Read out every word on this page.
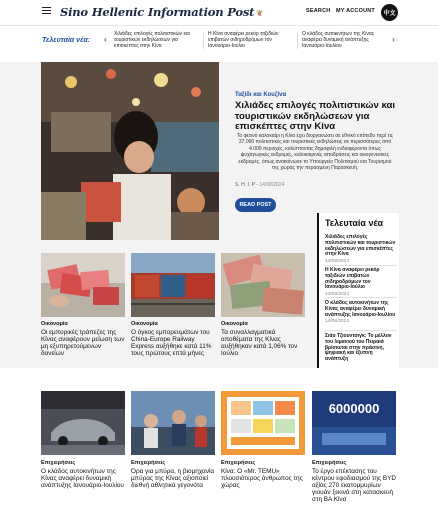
Sino Hellenic Information Post ❦	SEARCH MY ACCOUNT	中文
Τελευταία νέα: ‹
Χιλιάδες επιλογές πολιτιστικών και τουριστικών εκδηλώσεων για επισκέπτες στην Κίνα
Η Κίνα αναφέρει ρεκόρ ταξιδιών επιβατών σιδηροδρόμων τον Ιανουάριο-Ιούλιο
Ο κλάδος αυτοκινήτων της Κίνας αναφέρει δυναμική ανάπτυξης Ιανουάριο-Ιουλίου
›
Ταξίδι και Κουζίνα
Χιλιάδες επιλογές πολιτιστικών και τουριστικών εκδηλώσεων για επισκέπτες στην Κίνα
Το φετινό καλοκαίρι η Κίνα έχει διοργανώσει σε εθνικό επίπεδο περί τις 37.000 πολιτιστικές και τουριστικές εκδηλώσεις σε περισσότερες από 4.000 περιοχές, καλύπτοντας δημοφιλή ενδιαφέροντα όπως ψυχαγωγικές εκδρομές, καλοκαιρινές αποδράσεις και οικογενειακές εκδρομές, όπως ανακοίνωσε το Υπουργείο Πολιτισμού και Τουρισμού της χώρας την περασμένη Παρασκευή.
S. H. I. P - 14/08/2024
READ POST
Τελευταία νέα
Χιλιάδες επιλογές πολιτιστικών και τουριστικών εκδηλώσεων για επισκέπτες στην Κίνα
14/08/2024
Η Κίνα αναφέρει ρεκόρ ταξιδιών επιβατών σιδηροδρόμων τον Ιανουάριο-Ιούλιο
14/08/2024
Ο κλάδος αυτοκινήτων της Κίνας αναφέρει δυναμική ανάπτυξης Ιανουάριο-Ιουλίου
14/08/2024
Σιάο Τζιουντσιγκ: Το μέλλον του λιμανιού του Πειραιά βρίσκεται στην πράσινη, ψηφιακή και έξυπνη ανάπτυξη
Οικονομία
Οι εμπορικές τράπεζες της Κίνας αναφέρουν μείωση των μη εξυπηρετούμενων δανείων
Οικονομία
Ο όγκος εμπορευμάτων του China-Europe Railway Express αυξήθηκε κατά 11% τους πρώτους επτά μήνες
Οικονομία
Τα συναλλαγματικά αποθέματα της Κίνας αυξήθηκαν κατά 1,06% τον Ιούλιο
6000000
Επιχειρήσεις
Ο κλάδος αυτοκινήτων της Κίνας αναφέρει δυναμική ανάπτυξης Ιανουάριο-Ιουλίου
Επιχειρήσεις
Όρα για μπύρα, η βιομηχανία μπύρας της Κίνας αξιοποιεί διεθνή αθλητικά γεγονότα
Επιχειρήσεις
Κίνα: Ο «Mr. TEMU» πλουσιότερος άνθρωπος της χώρας
Επιχειρήσεις
Το έργο επέκτασης του κέντρου εφοδιασμού της BYD αξίας 270 εκατομμυρίων γιουάν ξεκινά στη κατασκευή στη ΒΑ Κίνα
